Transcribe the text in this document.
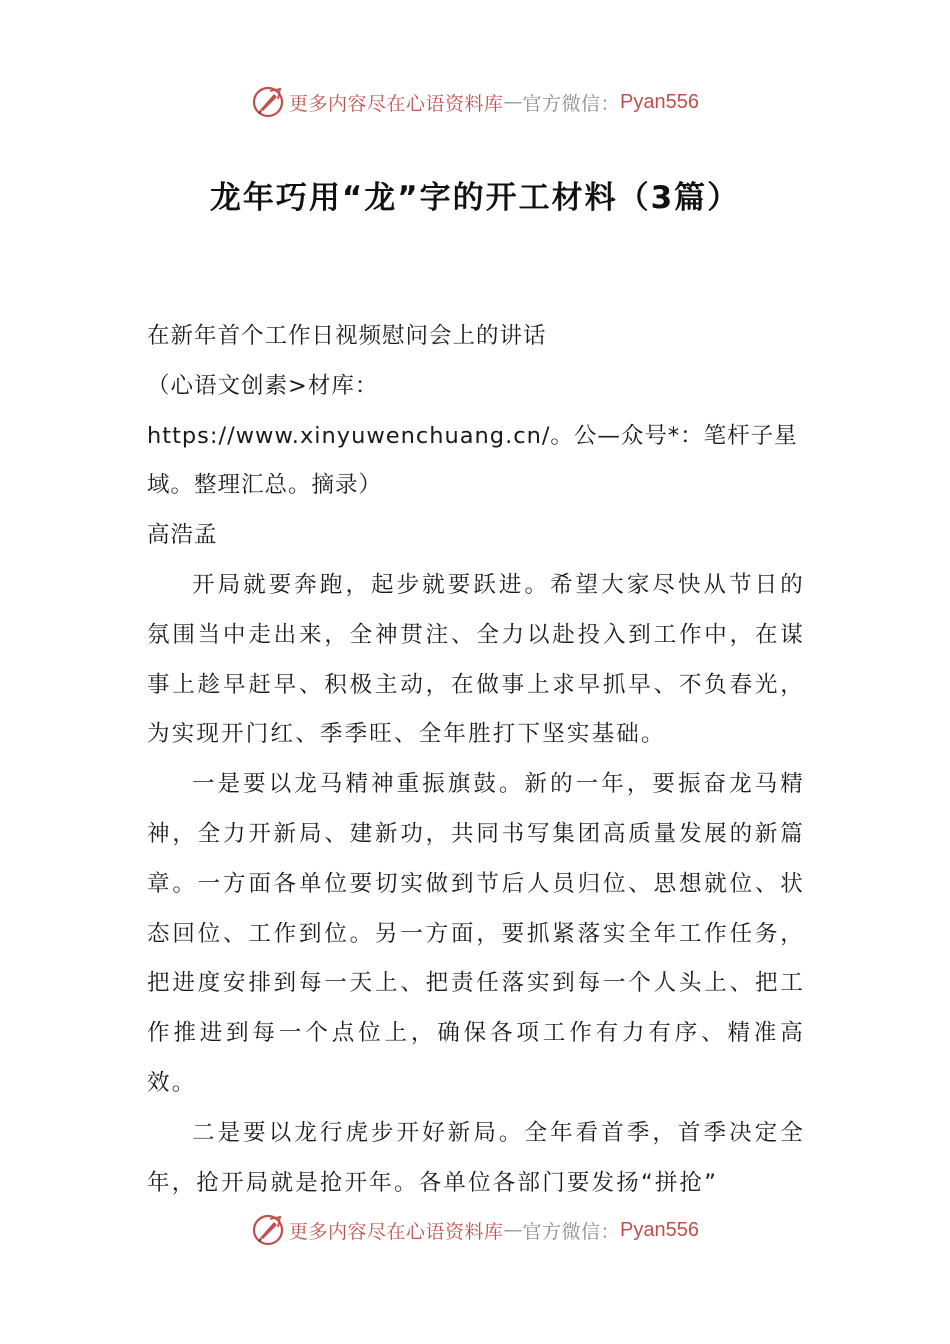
更多内容尽在心语资料库 — 官方微信： Pyan556
龙年巧用“龙”字的开工材料（3篇）

在新年首个工作日视频慰问会上的讲话

（心语文创素>材库：https://www.xinyuwenchuang.cn/。公—众号*：笔杆子星域。整理汇总。摘录）

高浩孟

开局就要奔跑，起步就要跃进。希望大家尽快从节日的氛围当中走出来，全神贯注、全力以赴投入到工作中，在谋事上趁早赶早、积极主动，在做事上求早抓早、不负春光，为实现开门红、季季旺、全年胜打下坚实基础。

一是要以龙马精神重振旗鼓。新的一年，要振奋龙马精神，全力开新局、建新功，共同书写集团高质量发展的新篇章。一方面各单位要切实做到节后人员归位、思想就位、状态回位、工作到位。另一方面，要抓紧落实全年工作任务，把进度安排到每一天上、把责任落实到每一个人头上、把工作推进到每一个点位上，确保各项工作有力有序、精准高效。

二是要以龙行虎步开好新局。全年看首季，首季决定全年，抢开局就是抢开年。各单位各部门要发扬“拼抢”

更多内容尽在心语资料库 — 官方微信： Pyan556
